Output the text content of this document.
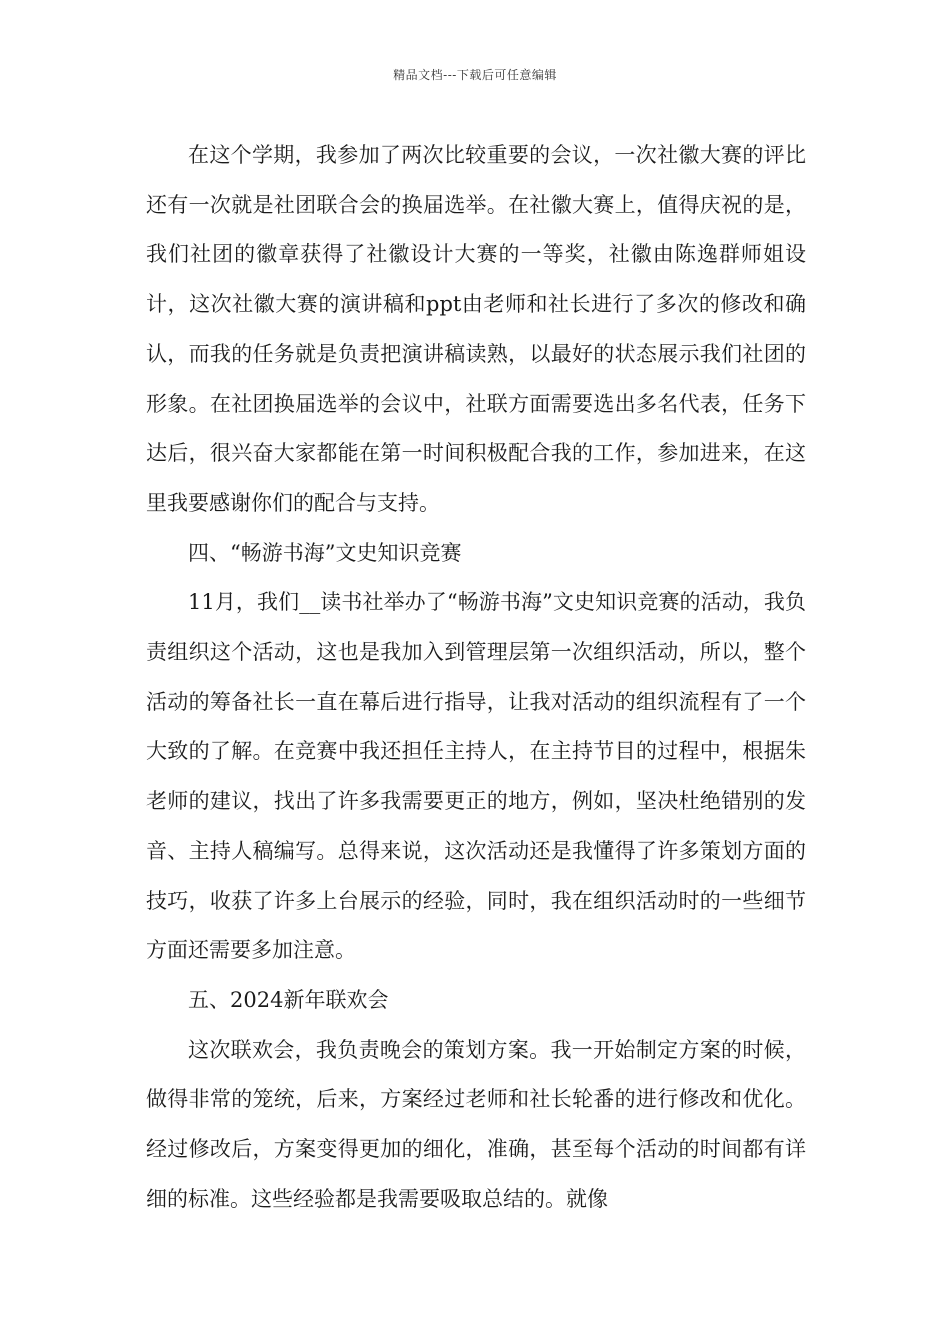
精品文档---下载后可任意编辑

在这个学期，我参加了两次比较重要的会议，一次社徽大赛的评比还有一次就是社团联合会的换届选举。在社徽大赛上，值得庆祝的是，我们社团的徽章获得了社徽设计大赛的一等奖，社徽由陈逸群师姐设计，这次社徽大赛的演讲稿和ppt由老师和社长进行了多次的修改和确认，而我的任务就是负责把演讲稿读熟，以最好的状态展示我们社团的形象。在社团换届选举的会议中，社联方面需要选出多名代表，任务下达后，很兴奋大家都能在第一时间积极配合我的工作，参加进来，在这里我要感谢你们的配合与支持。

四、“畅游书海”文史知识竞赛

11月，我们__读书社举办了“畅游书海”文史知识竞赛的活动，我负责组织这个活动，这也是我加入到管理层第一次组织活动，所以，整个活动的筹备社长一直在幕后进行指导，让我对活动的组织流程有了一个大致的了解。在竞赛中我还担任主持人，在主持节目的过程中，根据朱老师的建议，找出了许多我需要更正的地方，例如，坚决杜绝错别的发音、主持人稿编写。总得来说，这次活动还是我懂得了许多策划方面的技巧，收获了许多上台展示的经验，同时，我在组织活动时的一些细节方面还需要多加注意。

五、2024新年联欢会

这次联欢会，我负责晚会的策划方案。我一开始制定方案的时候，做得非常的笼统，后来，方案经过老师和社长轮番的进行修改和优化。经过修改后，方案变得更加的细化，准确，甚至每个活动的时间都有详细的标准。这些经验都是我需要吸取总结的。就像
